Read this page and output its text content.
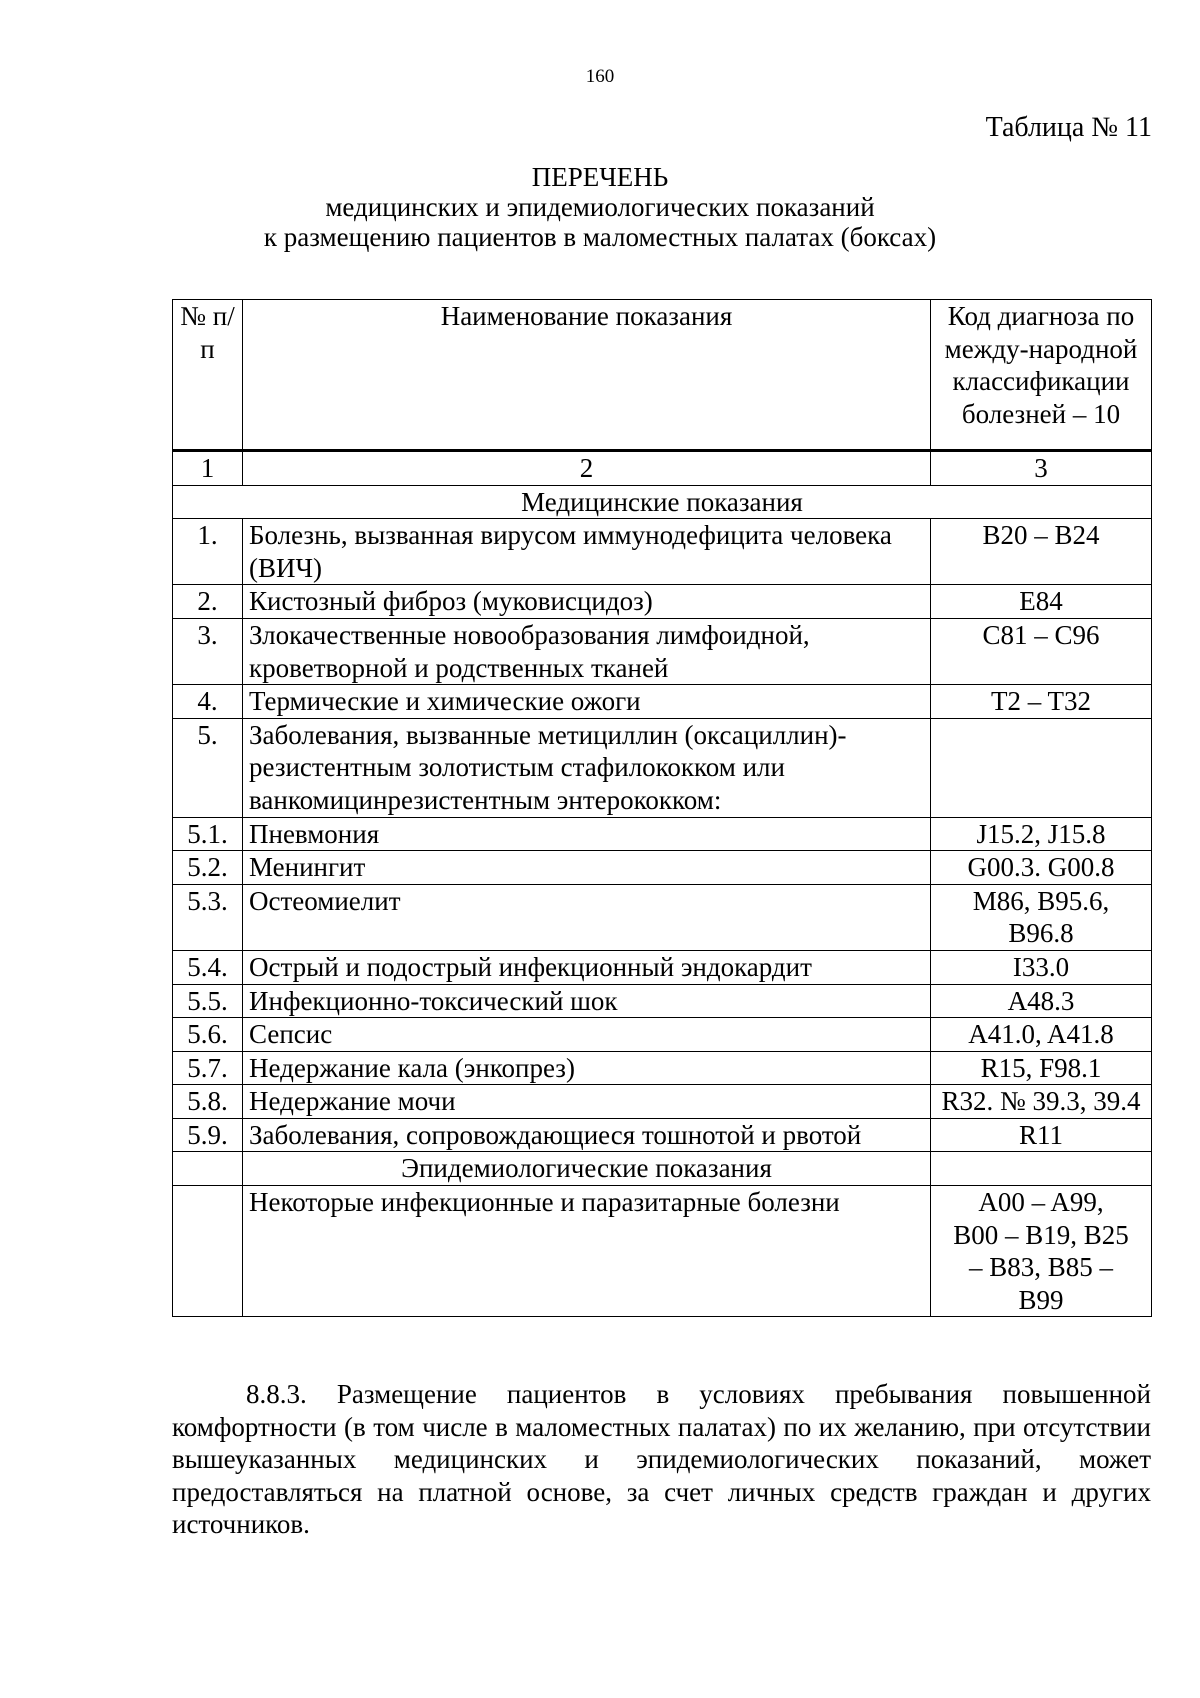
160
Таблица № 11
ПЕРЕЧЕНЬ
медицинских и эпидемиологических показаний
к размещению пациентов в маломестных палатах (боксах)
№ п/п	Наименование показания	Код диагноза по между-народной классификации болезней – 10
1	2	3
Медицинские показания		
1.	Болезнь, вызванная вирусом иммунодефицита человека (ВИЧ)	B20 – B24
2.	Кистозный фиброз (муковисцидоз)	E84
3.	Злокачественные новообразования лимфоидной, кроветворной и родственных тканей	C81 – C96
4.	Термические и химические ожоги	T2 – T32
5.	Заболевания, вызванные метициллин (оксациллин)-резистентным золотистым стафилококком или ванкомицинрезистентным энтерококком:	
5.1.	Пневмония	J15.2, J15.8
5.2.	Менингит	G00.3. G00.8
5.3.	Остеомиелит	M86, B95.6, B96.8
5.4.	Острый и подострый инфекционный эндокардит	I33.0
5.5.	Инфекционно-токсический шок	A48.3
5.6.	Сепсис	A41.0, A41.8
5.7.	Недержание кала (энкопрез)	R15, F98.1
5.8.	Недержание мочи	R32. № 39.3, 39.4
5.9.	Заболевания, сопровождающиеся тошнотой и рвотой	R11
	Эпидемиологические показания	
	Некоторые инфекционные и паразитарные болезни	A00 – A99, B00 – B19, B25 – B83, B85 – B99
8.8.3. Размещение пациентов в условиях пребывания повышенной комфортности (в том числе в маломестных палатах) по их желанию, при отсутствии вышеуказанных медицинских и эпидемиологических показаний, может предоставляться на платной основе, за счет личных средств граждан и других источников.
